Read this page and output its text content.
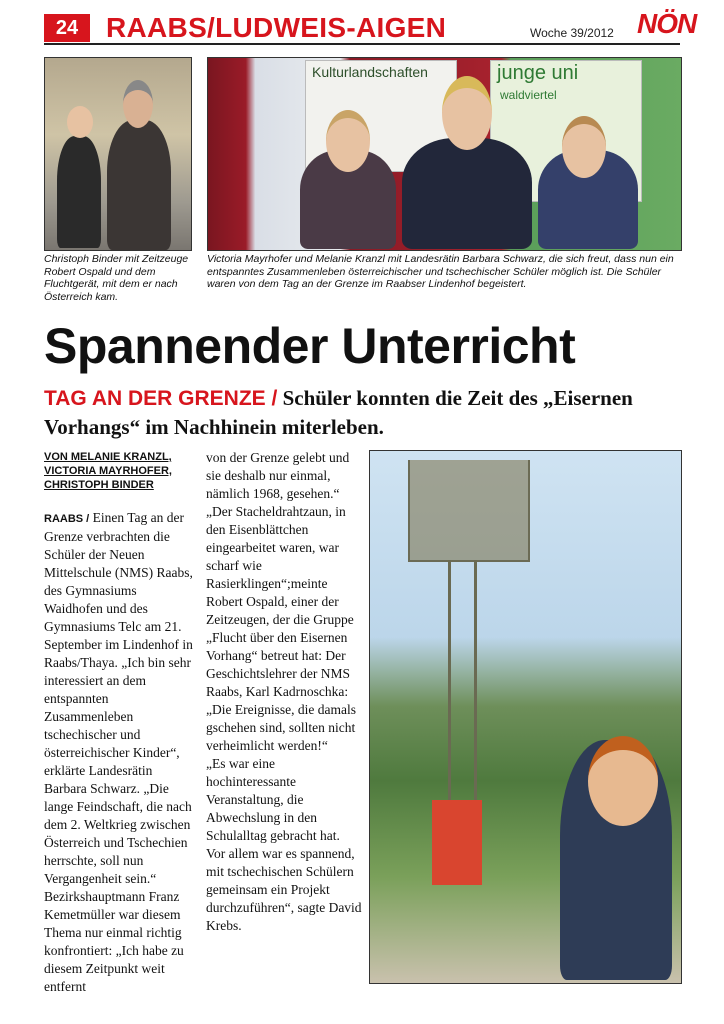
24 RAABS/LUDWEIS-AIGEN	Woche 39/2012 NÖN
Christoph Binder mit Zeitzeuge Robert Ospald und dem Fluchtgerät, mit dem er nach Österreich kam.
Kulturlandschaften	junge uni
waldviertel
Victoria Mayrhofer und Melanie Kranzl mit Landesrätin Barbara Schwarz, die sich freut, dass nun ein entspanntes Zusammenleben österreichischer und tschechischer Schüler möglich ist. Die Schüler waren von dem Tag an der Grenze im Raabser Lindenhof begeistert.
Spannender Unterricht
TAG AN DER GRENZE / Schüler konnten die Zeit des „Eisernen Vorhangs“ im Nachhinein miterleben.
VON MELANIE KRANZL, VICTORIA MAYRHOFER, CHRISTOPH BINDER

RAABS / Einen Tag an der Grenze verbrachten die Schüler der Neuen Mittelschule (NMS) Raabs, des Gymnasiums Waidhofen und des Gymnasiums Telc am 21. September im Lindenhof in Raabs/Thaya. „Ich bin sehr interessiert an dem entspannten Zusammenleben tschechischer und österreichischer Kinder“, erklärte Landesrätin Barbara Schwarz. „Die lange Feindschaft, die nach dem 2. Weltkrieg zwischen Österreich und Tschechien herrschte, soll nun Vergangenheit sein.“ Bezirkshauptmann Franz Kemetmüller war diesem Thema nur einmal richtig konfrontiert: „Ich habe zu diesem Zeitpunkt weit entfernt

von der Grenze gelebt und sie deshalb nur einmal, nämlich 1968, gesehen.“

„Der Stacheldrahtzaun, in den Eisenblättchen eingearbeitet waren, war scharf wie Rasierklingen“;meinte Robert Ospald, einer der Zeitzeugen, der die Gruppe „Flucht über den Eisernen Vorhang“ betreut hat: Der Geschichtslehrer der NMS Raabs, Karl Kadrnoschka: „Die Ereignisse, die damals gschehen sind, sollten nicht verheimlicht werden!“

„Es war eine hochinteressante Veranstaltung, die Abwechslung in den Schulalltag gebracht hat. Vor allem war es spannend, mit tschechischen Schülern gemeinsam ein Projekt durchzuführen“, sagte David Krebs.
